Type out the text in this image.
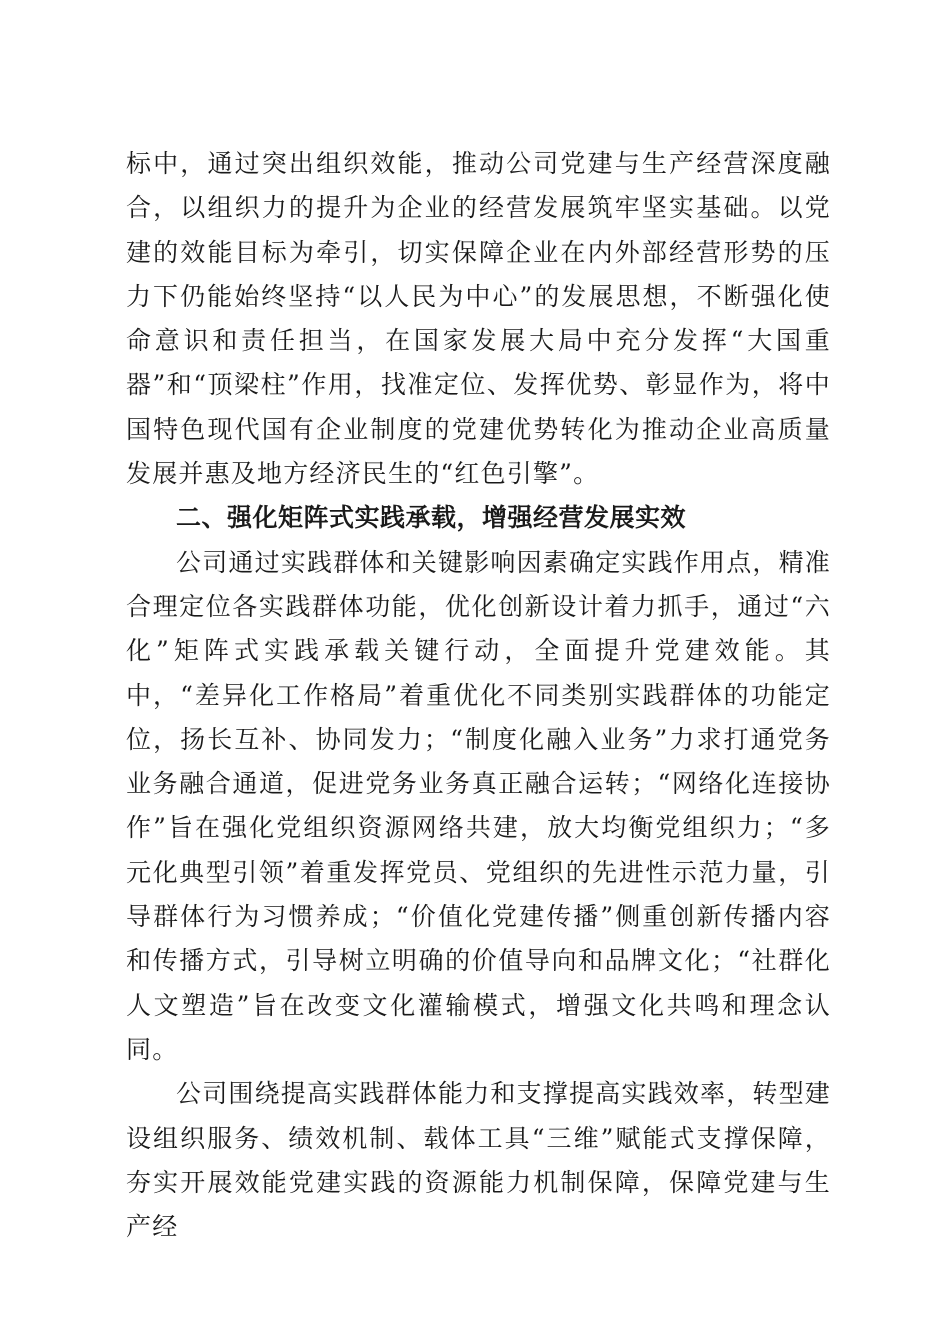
标中，通过突出组织效能，推动公司党建与生产经营深度融合，以组织力的提升为企业的经营发展筑牢坚实基础。以党建的效能目标为牵引，切实保障企业在内外部经营形势的压力下仍能始终坚持“以人民为中心”的发展思想，不断强化使命意识和责任担当，在国家发展大局中充分发挥“大国重器”和“顶梁柱”作用，找准定位、发挥优势、彰显作为，将中国特色现代国有企业制度的党建优势转化为推动企业高质量发展并惠及地方经济民生的“红色引擎”。

二、强化矩阵式实践承载，增强经营发展实效

公司通过实践群体和关键影响因素确定实践作用点，精准合理定位各实践群体功能，优化创新设计着力抓手，通过“六化”矩阵式实践承载关键行动，全面提升党建效能。其中，“差异化工作格局”着重优化不同类别实践群体的功能定位，扬长互补、协同发力；“制度化融入业务”力求打通党务业务融合通道，促进党务业务真正融合运转；“网络化连接协作”旨在强化党组织资源网络共建，放大均衡党组织力；“多元化典型引领”着重发挥党员、党组织的先进性示范力量，引导群体行为习惯养成；“价值化党建传播”侧重创新传播内容和传播方式，引导树立明确的价值导向和品牌文化；“社群化人文塑造”旨在改变文化灌输模式，增强文化共鸣和理念认同。

公司围绕提高实践群体能力和支撑提高实践效率，转型建设组织服务、绩效机制、载体工具“三维”赋能式支撑保障，夯实开展效能党建实践的资源能力机制保障，保障党建与生产经
